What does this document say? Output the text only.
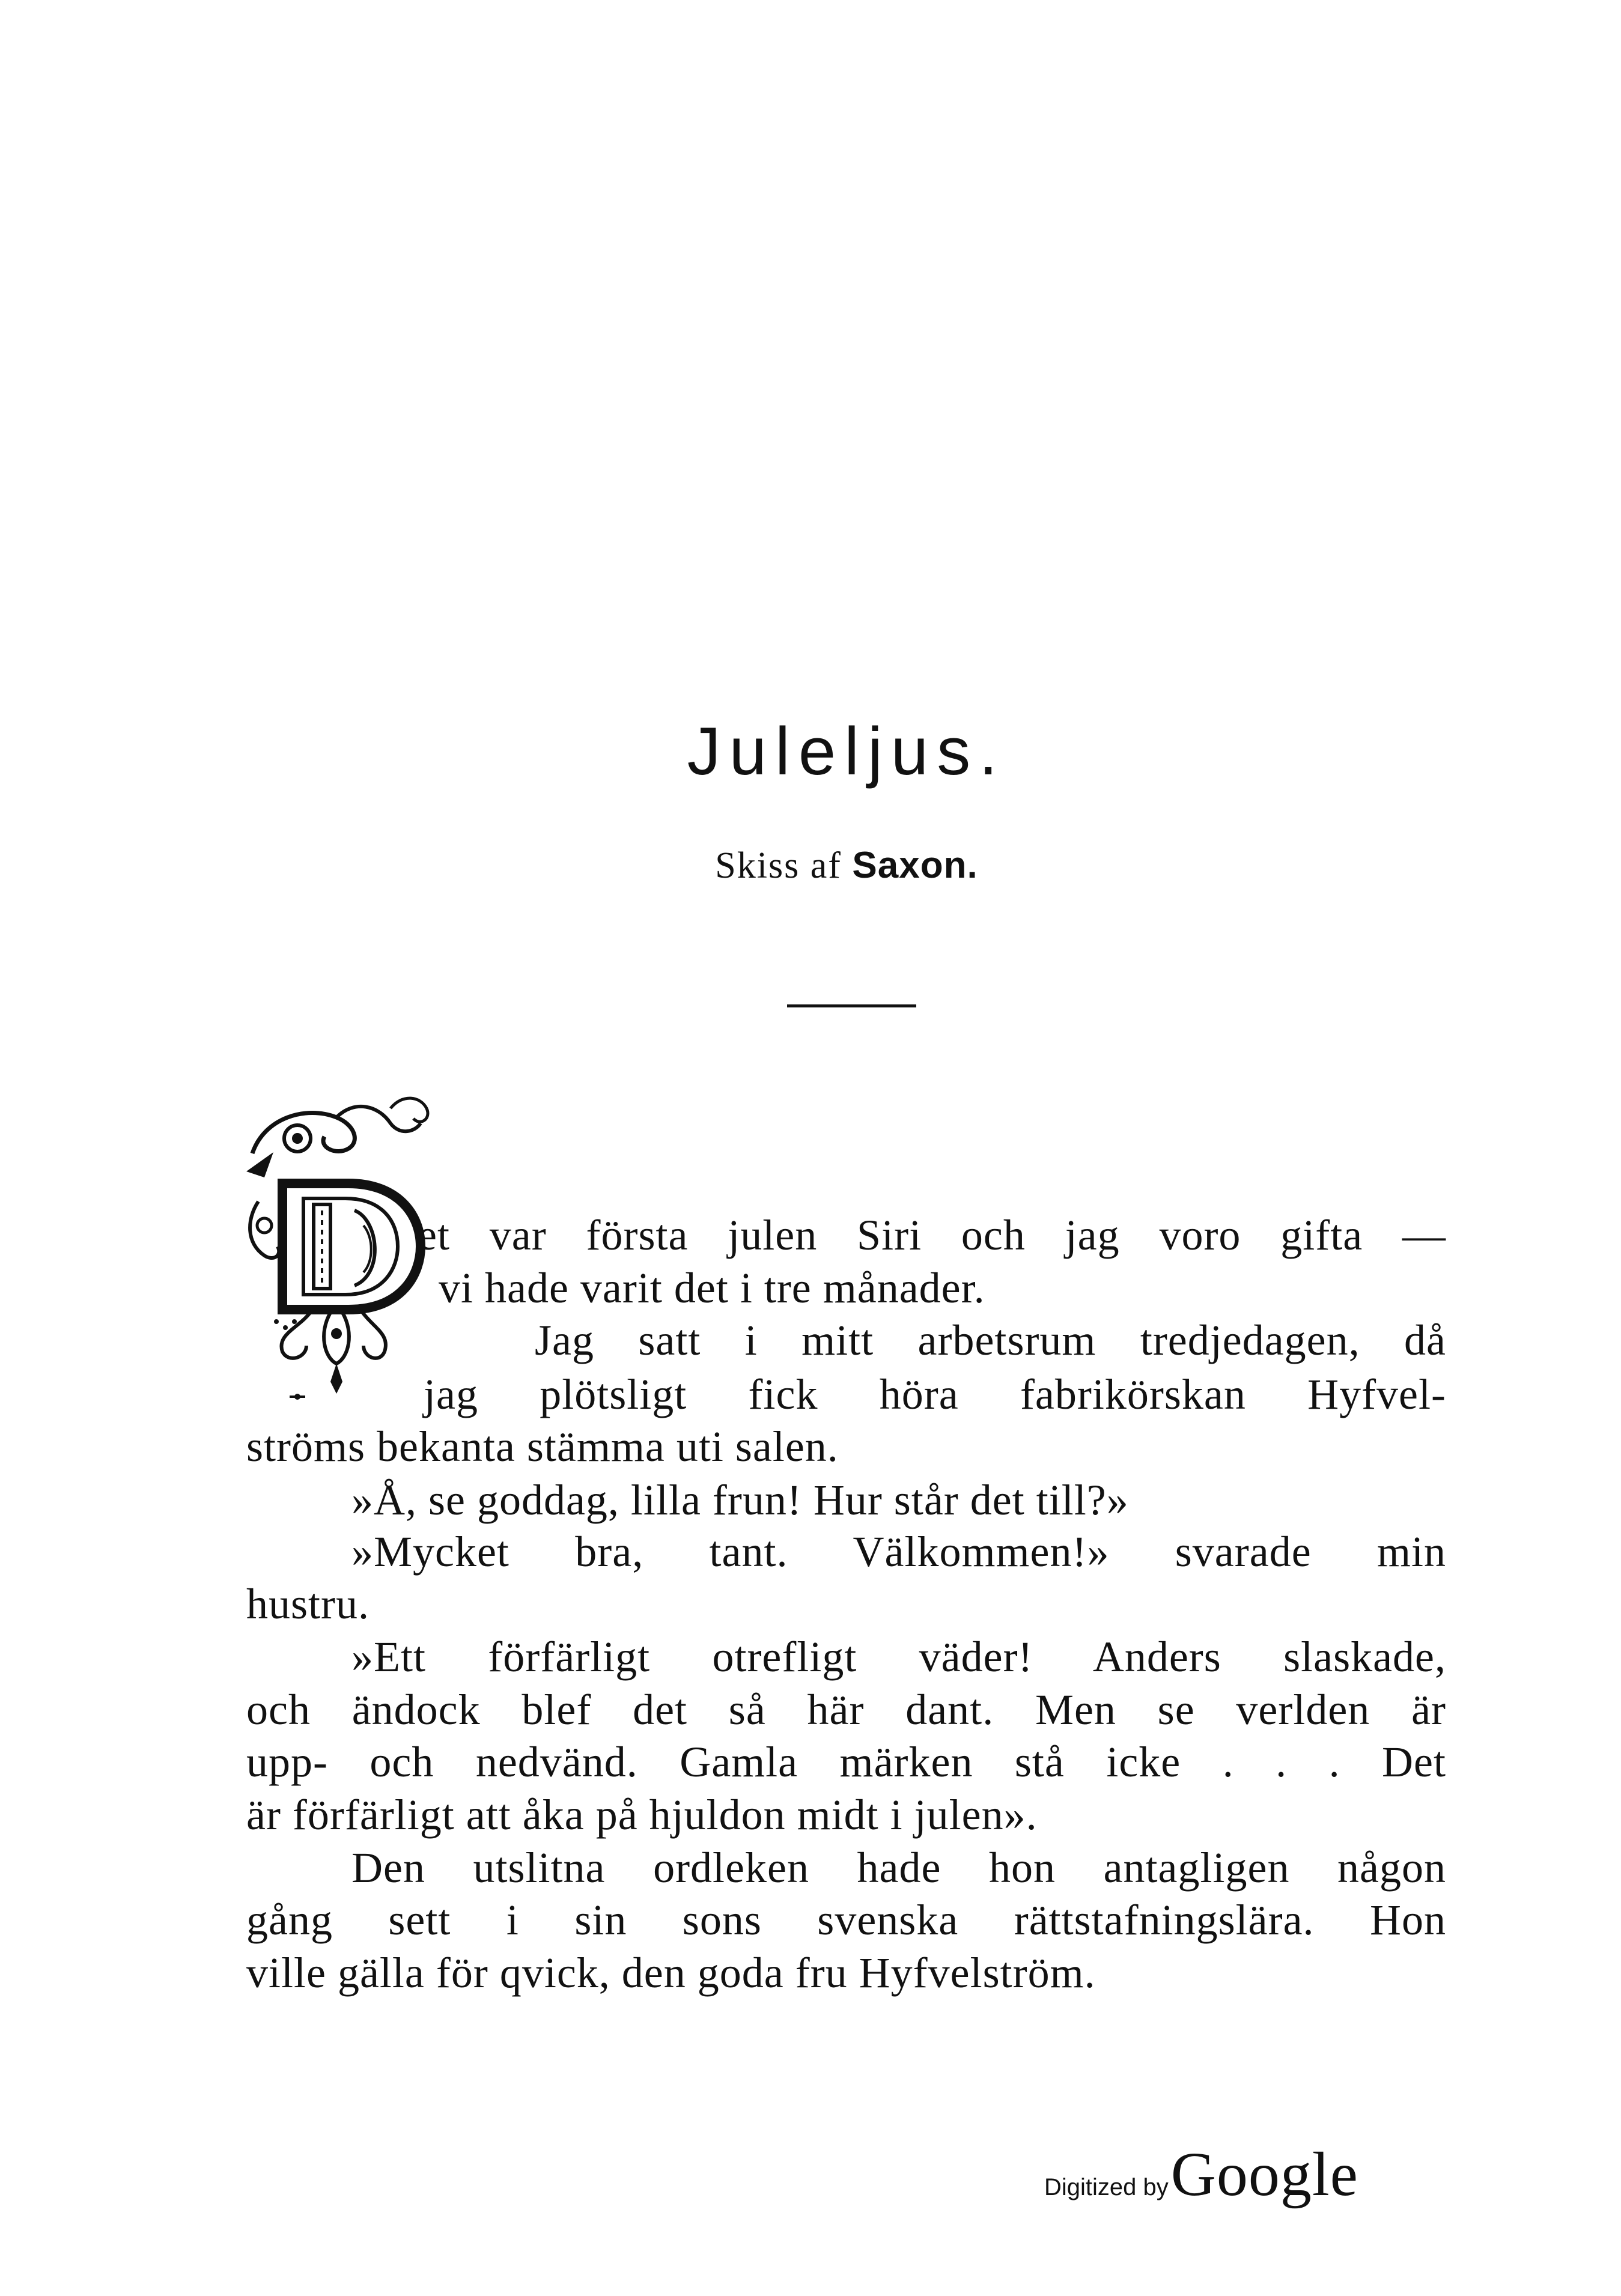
Juleljus.
Skiss af Saxon.
et var första julen Siri och jag voro gifta —
vi hade varit det i tre månader.
Jag satt i mitt arbetsrum tredjedagen, då
jag plötsligt fick höra fabrikörskan Hyfvel-
ströms bekanta stämma uti salen.
»Å, se goddag, lilla frun! Hur står det till?»
»Mycket bra, tant. Välkommen!» svarade min
hustru.
»Ett förfärligt otrefligt väder! Anders slaskade,
och ändock blef det så här dant. Men se verlden är
upp- och nedvänd. Gamla märken stå icke . . . Det
är förfärligt att åka på hjuldon midt i julen».
Den utslitna ordleken hade hon antagligen någon
gång sett i sin sons svenska rättstafningslära. Hon
ville gälla för qvick, den goda fru Hyfvelström.
Digitized by Google
